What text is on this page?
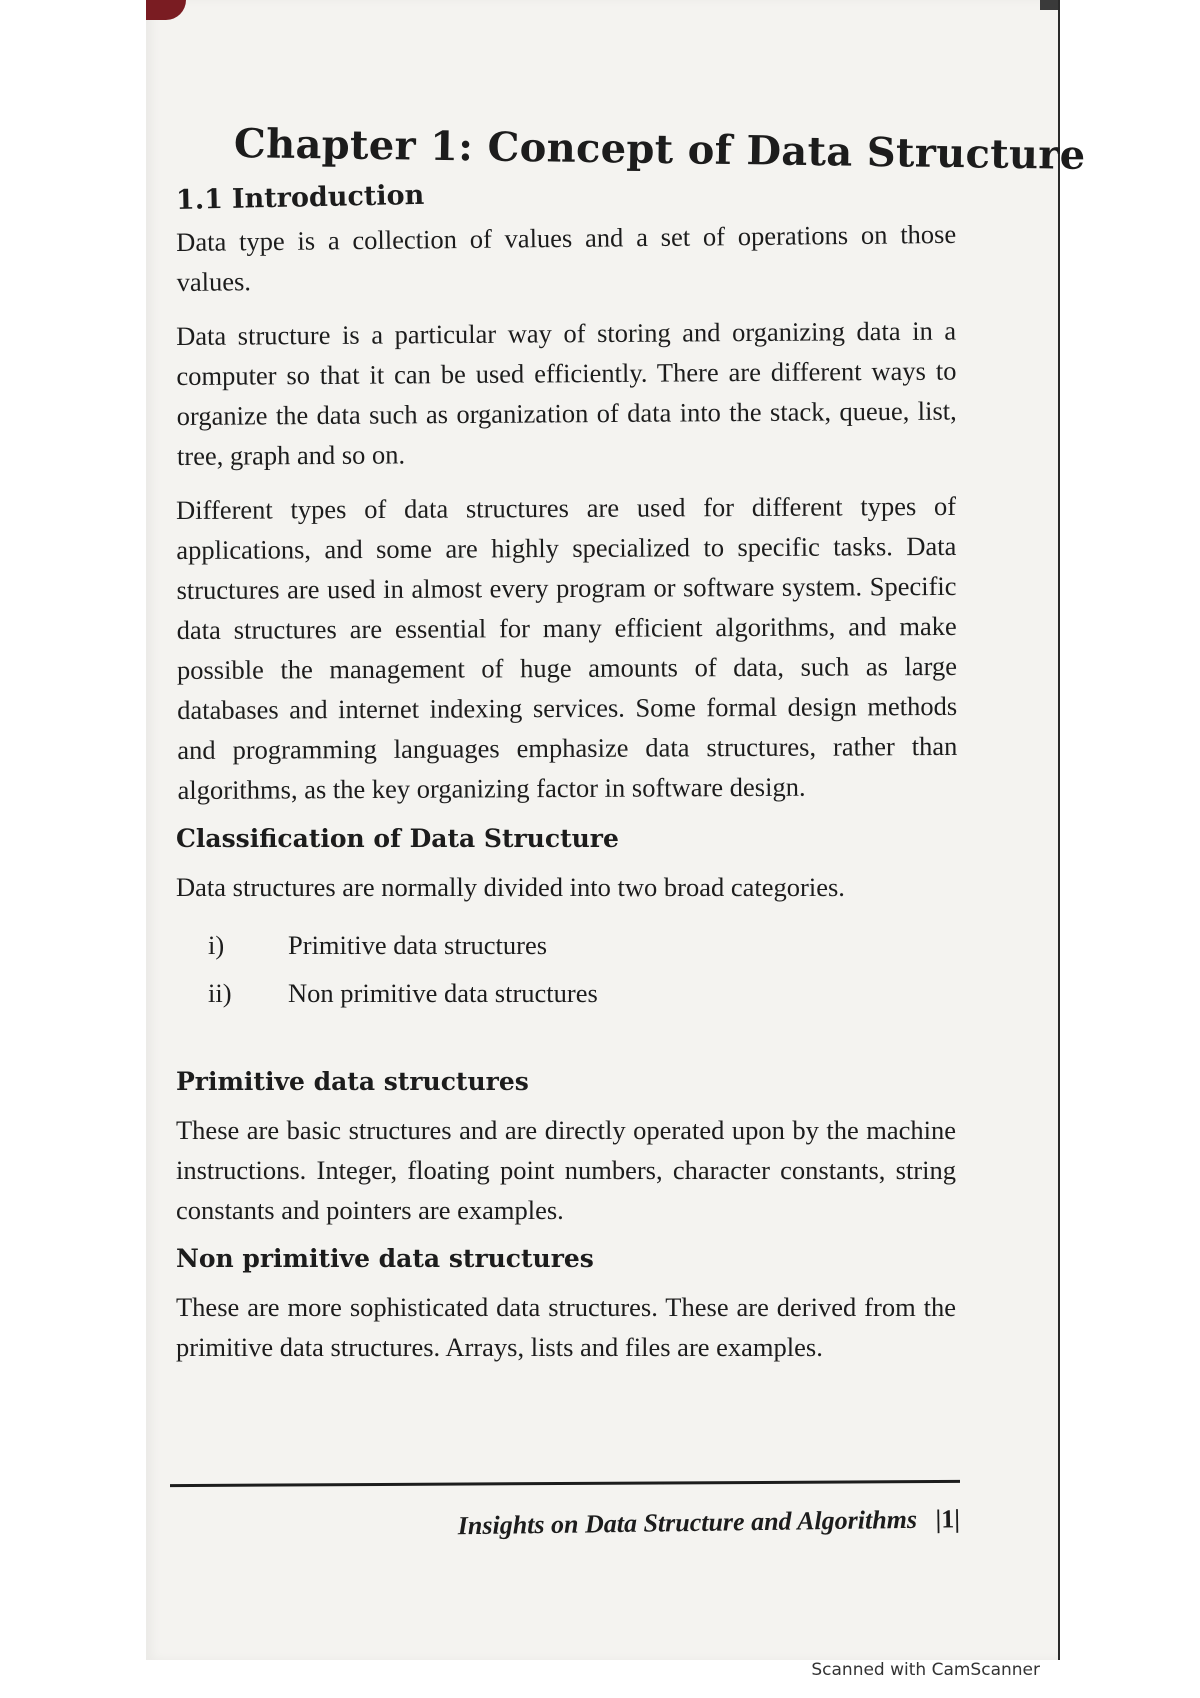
Chapter 1: Concept of Data Structure
1.1 Introduction

Data type is a collection of values and a set of operations on those values.

Data structure is a particular way of storing and organizing data in a computer so that it can be used efficiently. There are different ways to organize the data such as organization of data into the stack, queue, list, tree, graph and so on.

Different types of data structures are used for different types of applications, and some are highly specialized to specific tasks. Data structures are used in almost every program or software system. Specific data structures are essential for many efficient algorithms, and make possible the management of huge amounts of data, such as large databases and internet indexing services. Some formal design methods and programming languages emphasize data structures, rather than algorithms, as the key organizing factor in software design.

Classification of Data Structure

Data structures are normally divided into two broad categories.

i)	Primitive data structures
ii)	Non primitive data structures
Primitive data structures

These are basic structures and are directly operated upon by the machine instructions. Integer, floating point numbers, character constants, string constants and pointers are examples.

Non primitive data structures

These are more sophisticated data structures. These are derived from the primitive data structures. Arrays, lists and files are examples.

Insights on Data Structure and Algorithms |1|
Scanned with CamScanner
